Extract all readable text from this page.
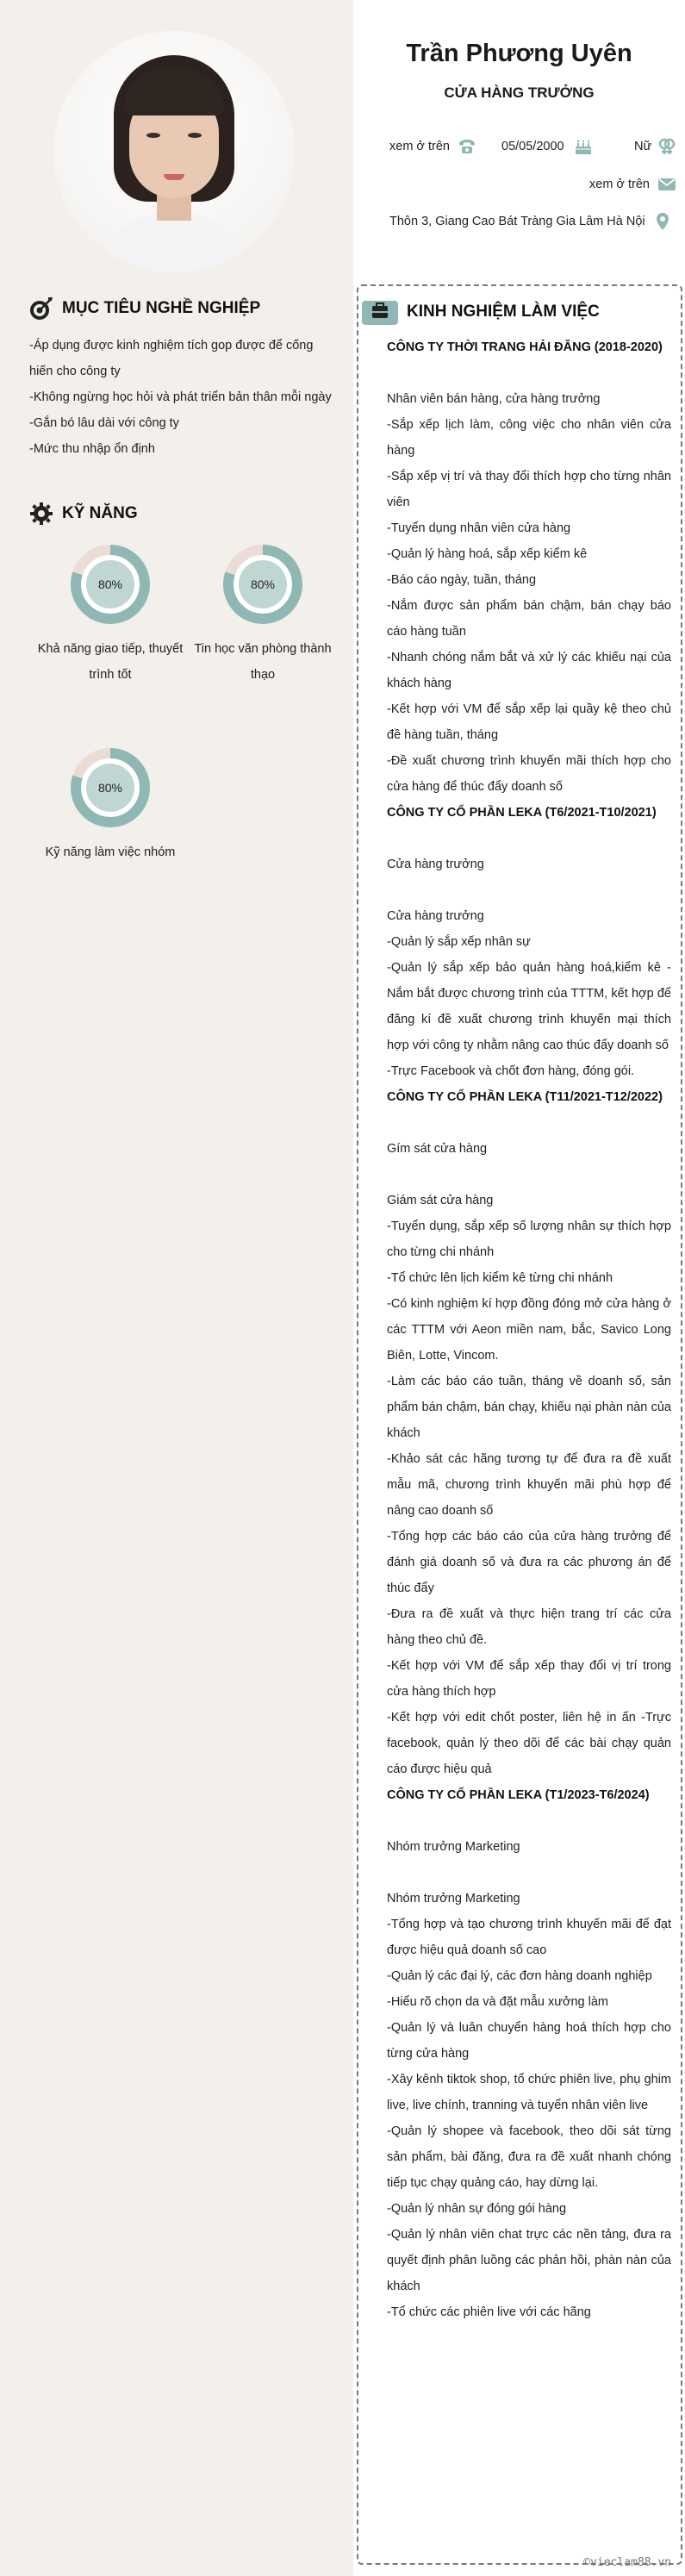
Trần Phương Uyên
CỬA HÀNG TRƯỞNG
xem ở trên	05/05/2000	Nữ
xem ở trên
Thôn 3, Giang Cao Bát Tràng Gia Lâm Hà Nội
MỤC TIÊU NGHỀ NGHIỆP
-Áp dụng được kinh nghiệm tích gop được để cống hiến cho công ty
-Không ngừng học hỏi và phát triển bản thân mỗi ngày
-Gắn bó lâu dài với công ty
-Mức thu nhập ổn định
KỸ NĂNG
80%
Khả năng giao tiếp, thuyết trình tốt
80%
Tin học văn phòng thành thạo
80%
Kỹ năng làm việc nhóm
KINH NGHIỆM LÀM VIỆC
CÔNG TY THỜI TRANG HẢI ĐĂNG (2018-2020)
Nhân viên bán hàng, cửa hàng trưởng
-Sắp xếp lịch làm, công việc cho nhân viên cửa hàng
-Sắp xếp vị trí và thay đổi thích hợp cho từng nhân viên
-Tuyển dụng nhân viên cửa hàng
-Quản lý hàng hoá, sắp xếp kiểm kê
-Báo cáo ngày, tuần, tháng
-Nắm được sản phẩm bán chậm, bán chạy báo cáo hàng tuần
-Nhanh chóng nắm bắt và xử lý các khiếu nại của khách hàng
-Kết hợp với VM để sắp xếp lại quầy kệ theo chủ đề hàng tuần, tháng
-Đề xuất chương trình khuyến mãi thích hợp cho cửa hàng để thúc đẩy doanh số
CÔNG TY CỔ PHẦN LEKA (T6/2021-T10/2021)
Cửa hàng trưởng
Cửa hàng trưởng
-Quản lý sắp xếp nhân sự
-Quản lý sắp xếp bảo quản hàng hoá,kiểm kê -Nắm bắt được chương trình của TTTM, kết hợp để đăng kí đề xuất chương trình khuyến mại thích hợp với công ty nhằm nâng cao thúc đẩy doanh số
-Trực Facebook và chốt đơn hàng, đóng gói.
CÔNG TY CỔ PHẦN LEKA (T11/2021-T12/2022)
Gím sát cửa hàng
Giám sát cửa hàng
-Tuyển dụng, sắp xếp số lượng nhân sự thích hợp cho từng chi nhánh
-Tổ chức lên lịch kiểm kê từng chi nhánh
-Có kinh nghiệm kí hợp đồng đóng mở cửa hàng ở các TTTM với Aeon miền nam, bắc, Savico Long Biên, Lotte, Vincom.
-Làm các báo cáo tuần, tháng về doanh số, sản phẩm bán chậm, bán chạy, khiếu nại phàn nàn của khách
-Khảo sát các hãng tương tự để đưa ra đề xuất mẫu mã, chương trình khuyến mãi phù hợp để nâng cao doanh số
-Tổng hợp các báo cáo của cửa hàng trưởng để đánh giá doanh số và đưa ra các phương án để thúc đẩy
-Đưa ra đề xuất và thực hiện trang trí các cửa hàng theo chủ đề.
-Kết hợp với VM để sắp xếp thay đổi vị trí trong cửa hàng thích hợp
-Kết hợp với edit chốt poster, liên hệ in ấn -Trực facebook, quản lý theo dõi để các bài chạy quản cáo được hiệu quả
CÔNG TY CỔ PHẦN LEKA (T1/2023-T6/2024)
Nhóm trưởng Marketing
Nhóm trưởng Marketing
-Tổng hợp và tạo chương trình khuyến mãi để đạt được hiệu quả doanh số cao
-Quản lý các đại lý, các đơn hàng doanh nghiệp
-Hiểu rõ chọn da và đặt mẫu xưởng làm
-Quản lý và luân chuyển hàng hoá thích hợp cho từng cửa hàng
-Xây kênh tiktok shop, tổ chức phiên live, phụ ghim live, live chính, tranning và tuyển nhân viên live
-Quản lý shopee và facebook, theo dõi sát từng sản phẩm, bài đăng, đưa ra đề xuất nhanh chóng tiếp tục chạy quảng cáo, hay dừng lại.
-Quản lý nhân sự đóng gói hàng
-Quản lý nhân viên chat trực các nền tảng, đưa ra quyết định phân luồng các phản hồi, phàn nàn của khách
-Tổ chức các phiên live với các hãng
©vieclam88.vn
